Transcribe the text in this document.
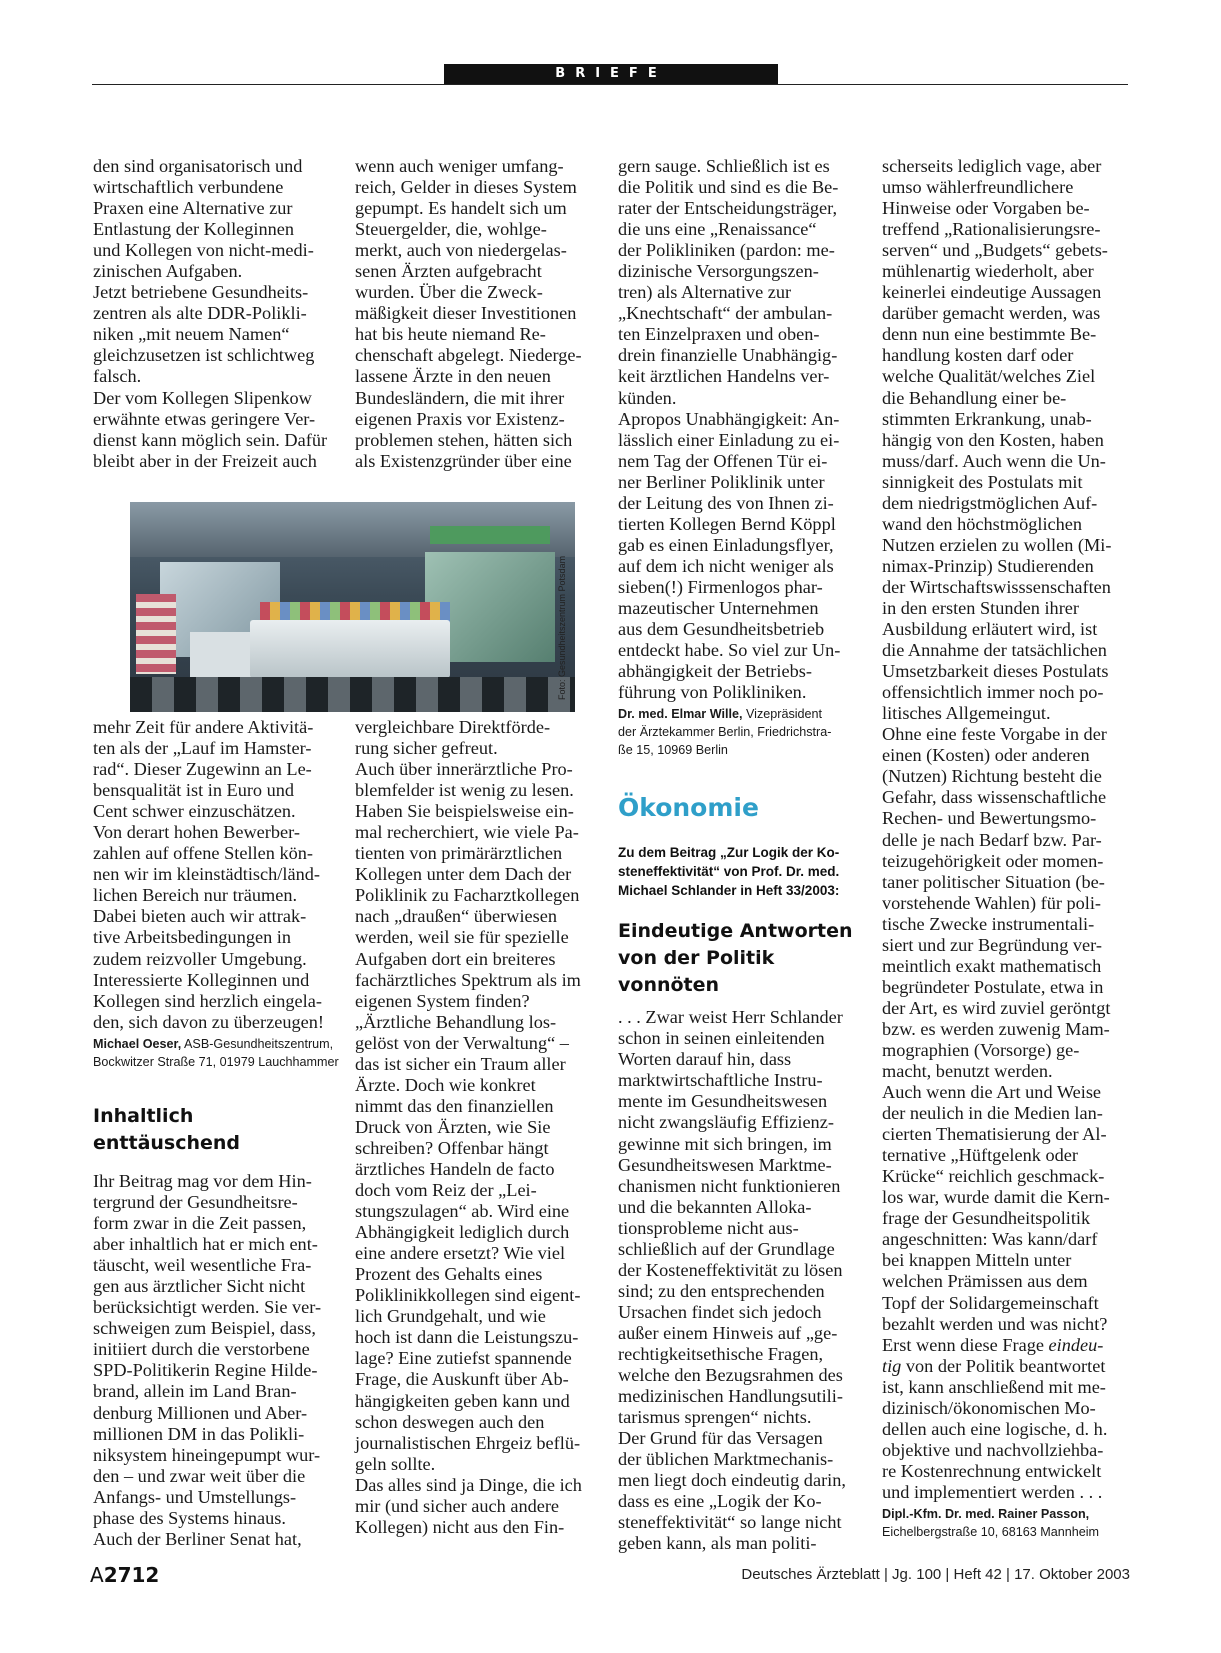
BRIEFE
den sind organisatorisch und
wirtschaftlich verbundene
Praxen eine Alternative zur
Entlastung der Kolleginnen
und Kollegen von nicht-medi-
zinischen Aufgaben.
Jetzt betriebene Gesundheits-
zentren als alte DDR-Polikli-
niken „mit neuem Namen“
gleichzusetzen ist schlichtweg
falsch.
Der vom Kollegen Slipenkow
erwähnte etwas geringere Ver-
dienst kann möglich sein. Dafür
bleibt aber in der Freizeit auch
wenn auch weniger umfang-
reich, Gelder in dieses System
gepumpt. Es handelt sich um
Steuergelder, die, wohlge-
merkt, auch von niedergelas-
senen Ärzten aufgebracht
wurden. Über die Zweck-
mäßigkeit dieser Investitionen
hat bis heute niemand Re-
chenschaft abgelegt. Niederge-
lassene Ärzte in den neuen
Bundesländern, die mit ihrer
eigenen Praxis vor Existenz-
problemen stehen, hätten sich
als Existenzgründer über eine
Foto: Gesundheitszentrum Potsdam
mehr Zeit für andere Aktivitä-
ten als der „Lauf im Hamster-
rad“. Dieser Zugewinn an Le-
bensqualität ist in Euro und
Cent schwer einzuschätzen.
Von derart hohen Bewerber-
zahlen auf offene Stellen kön-
nen wir im kleinstädtisch/länd-
lichen Bereich nur träumen.
Dabei bieten auch wir attrak-
tive Arbeitsbedingungen in
zudem reizvoller Umgebung.
Interessierte Kolleginnen und
Kollegen sind herzlich eingela-
den, sich davon zu überzeugen!
Michael Oeser, ASB-Gesundheitszentrum,
Bockwitzer Straße 71, 01979 Lauchhammer
Inhaltlich enttäuschend
Ihr Beitrag mag vor dem Hin-
tergrund der Gesundheitsre-
form zwar in die Zeit passen,
aber inhaltlich hat er mich ent-
täuscht, weil wesentliche Fra-
gen aus ärztlicher Sicht nicht
berücksichtigt werden. Sie ver-
schweigen zum Beispiel, dass,
initiiert durch die verstorbene
SPD-Politikerin Regine Hilde-
brand, allein im Land Bran-
denburg Millionen und Aber-
millionen DM in das Polikli-
niksystem hineingepumpt wur-
den – und zwar weit über die
Anfangs- und Umstellungs-
phase des Systems hinaus.
Auch der Berliner Senat hat,
vergleichbare Direktförde-
rung sicher gefreut.
Auch über innerärztliche Pro-
blemfelder ist wenig zu lesen.
Haben Sie beispielsweise ein-
mal recherchiert, wie viele Pa-
tienten von primärärztlichen
Kollegen unter dem Dach der
Poliklinik zu Facharztkollegen
nach „draußen“ überwiesen
werden, weil sie für spezielle
Aufgaben dort ein breiteres
fachärztliches Spektrum als im
eigenen System finden?
„Ärztliche Behandlung los-
gelöst von der Verwaltung“ –
das ist sicher ein Traum aller
Ärzte. Doch wie konkret
nimmt das den finanziellen
Druck von Ärzten, wie Sie
schreiben? Offenbar hängt
ärztliches Handeln de facto
doch vom Reiz der „Lei-
stungszulagen“ ab. Wird eine
Abhängigkeit lediglich durch
eine andere ersetzt? Wie viel
Prozent des Gehalts eines
Poliklinikkollegen sind eigent-
lich Grundgehalt, und wie
hoch ist dann die Leistungszu-
lage? Eine zutiefst spannende
Frage, die Auskunft über Ab-
hängigkeiten geben kann und
schon deswegen auch den
journalistischen Ehrgeiz beflü-
geln sollte.
Das alles sind ja Dinge, die ich
mir (und sicher auch andere
Kollegen) nicht aus den Fin-
gern sauge. Schließlich ist es
die Politik und sind es die Be-
rater der Entscheidungsträger,
die uns eine „Renaissance“
der Polikliniken (pardon: me-
dizinische Versorgungszen-
tren) als Alternative zur
„Knechtschaft“ der ambulan-
ten Einzelpraxen und oben-
drein finanzielle Unabhängig-
keit ärztlichen Handelns ver-
künden.
Apropos Unabhängigkeit: An-
lässlich einer Einladung zu ei-
nem Tag der Offenen Tür ei-
ner Berliner Poliklinik unter
der Leitung des von Ihnen zi-
tierten Kollegen Bernd Köppl
gab es einen Einladungsflyer,
auf dem ich nicht weniger als
sieben(!) Firmenlogos phar-
mazeutischer Unternehmen
aus dem Gesundheitsbetrieb
entdeckt habe. So viel zur Un-
abhängigkeit der Betriebs-
führung von Polikliniken.
Dr. med. Elmar Wille, Vizepräsident
der Ärztekammer Berlin, Friedrichstra-
ße 15, 10969 Berlin
Ökonomie
Zu dem Beitrag „Zur Logik der Ko-
steneffektivität“ von Prof. Dr. med.
Michael Schlander in Heft 33/2003:
Eindeutige Antworten
von der Politik vonnöten
. . . Zwar weist Herr Schlander
schon in seinen einleitenden
Worten darauf hin, dass
marktwirtschaftliche Instru-
mente im Gesundheitswesen
nicht zwangsläufig Effizienz-
gewinne mit sich bringen, im
Gesundheitswesen Marktme-
chanismen nicht funktionieren
und die bekannten Alloka-
tionsprobleme nicht aus-
schließlich auf der Grundlage
der Kosteneffektivität zu lösen
sind; zu den entsprechenden
Ursachen findet sich jedoch
außer einem Hinweis auf „ge-
rechtigkeitsethische Fragen,
welche den Bezugsrahmen des
medizinischen Handlungsutili-
tarismus sprengen“ nichts.
Der Grund für das Versagen
der üblichen Marktmechanis-
men liegt doch eindeutig darin,
dass es eine „Logik der Ko-
steneffektivität“ so lange nicht
geben kann, als man politi-
scherseits lediglich vage, aber
umso wählerfreundlichere
Hinweise oder Vorgaben be-
treffend „Rationalisierungsre-
serven“ und „Budgets“ gebets-
mühlenartig wiederholt, aber
keinerlei eindeutige Aussagen
darüber gemacht werden, was
denn nun eine bestimmte Be-
handlung kosten darf oder
welche Qualität/welches Ziel
die Behandlung einer be-
stimmten Erkrankung, unab-
hängig von den Kosten, haben
muss/darf. Auch wenn die Un-
sinnigkeit des Postulats mit
dem niedrigstmöglichen Auf-
wand den höchstmöglichen
Nutzen erzielen zu wollen (Mi-
nimax-Prinzip) Studierenden
der Wirtschaftswisssenschaften
in den ersten Stunden ihrer
Ausbildung erläutert wird, ist
die Annahme der tatsächlichen
Umsetzbarkeit dieses Postulats
offensichtlich immer noch po-
litisches Allgemeingut.
Ohne eine feste Vorgabe in der
einen (Kosten) oder anderen
(Nutzen) Richtung besteht die
Gefahr, dass wissenschaftliche
Rechen- und Bewertungsmo-
delle je nach Bedarf bzw. Par-
teizugehörigkeit oder momen-
taner politischer Situation (be-
vorstehende Wahlen) für poli-
tische Zwecke instrumentali-
siert und zur Begründung ver-
meintlich exakt mathematisch
begründeter Postulate, etwa in
der Art, es wird zuviel geröntgt
bzw. es werden zuwenig Mam-
mographien (Vorsorge) ge-
macht, benutzt werden.
Auch wenn die Art und Weise
der neulich in die Medien lan-
cierten Thematisierung der Al-
ternative „Hüftgelenk oder
Krücke“ reichlich geschmack-
los war, wurde damit die Kern-
frage der Gesundheitspolitik
angeschnitten: Was kann/darf
bei knappen Mitteln unter
welchen Prämissen aus dem
Topf der Solidargemeinschaft
bezahlt werden und was nicht?
Erst wenn diese Frage eindeu-
tig von der Politik beantwortet
ist, kann anschließend mit me-
dizinisch/ökonomischen Mo-
dellen auch eine logische, d. h.
objektive und nachvollziehba-
re Kostenrechnung entwickelt
und implementiert werden . . .
Dipl.-Kfm. Dr. med. Rainer Passon,
Eichelbergstraße 10, 68163 Mannheim
A2712	Deutsches Ärzteblatt | Jg. 100 | Heft 42 | 17. Oktober 2003
